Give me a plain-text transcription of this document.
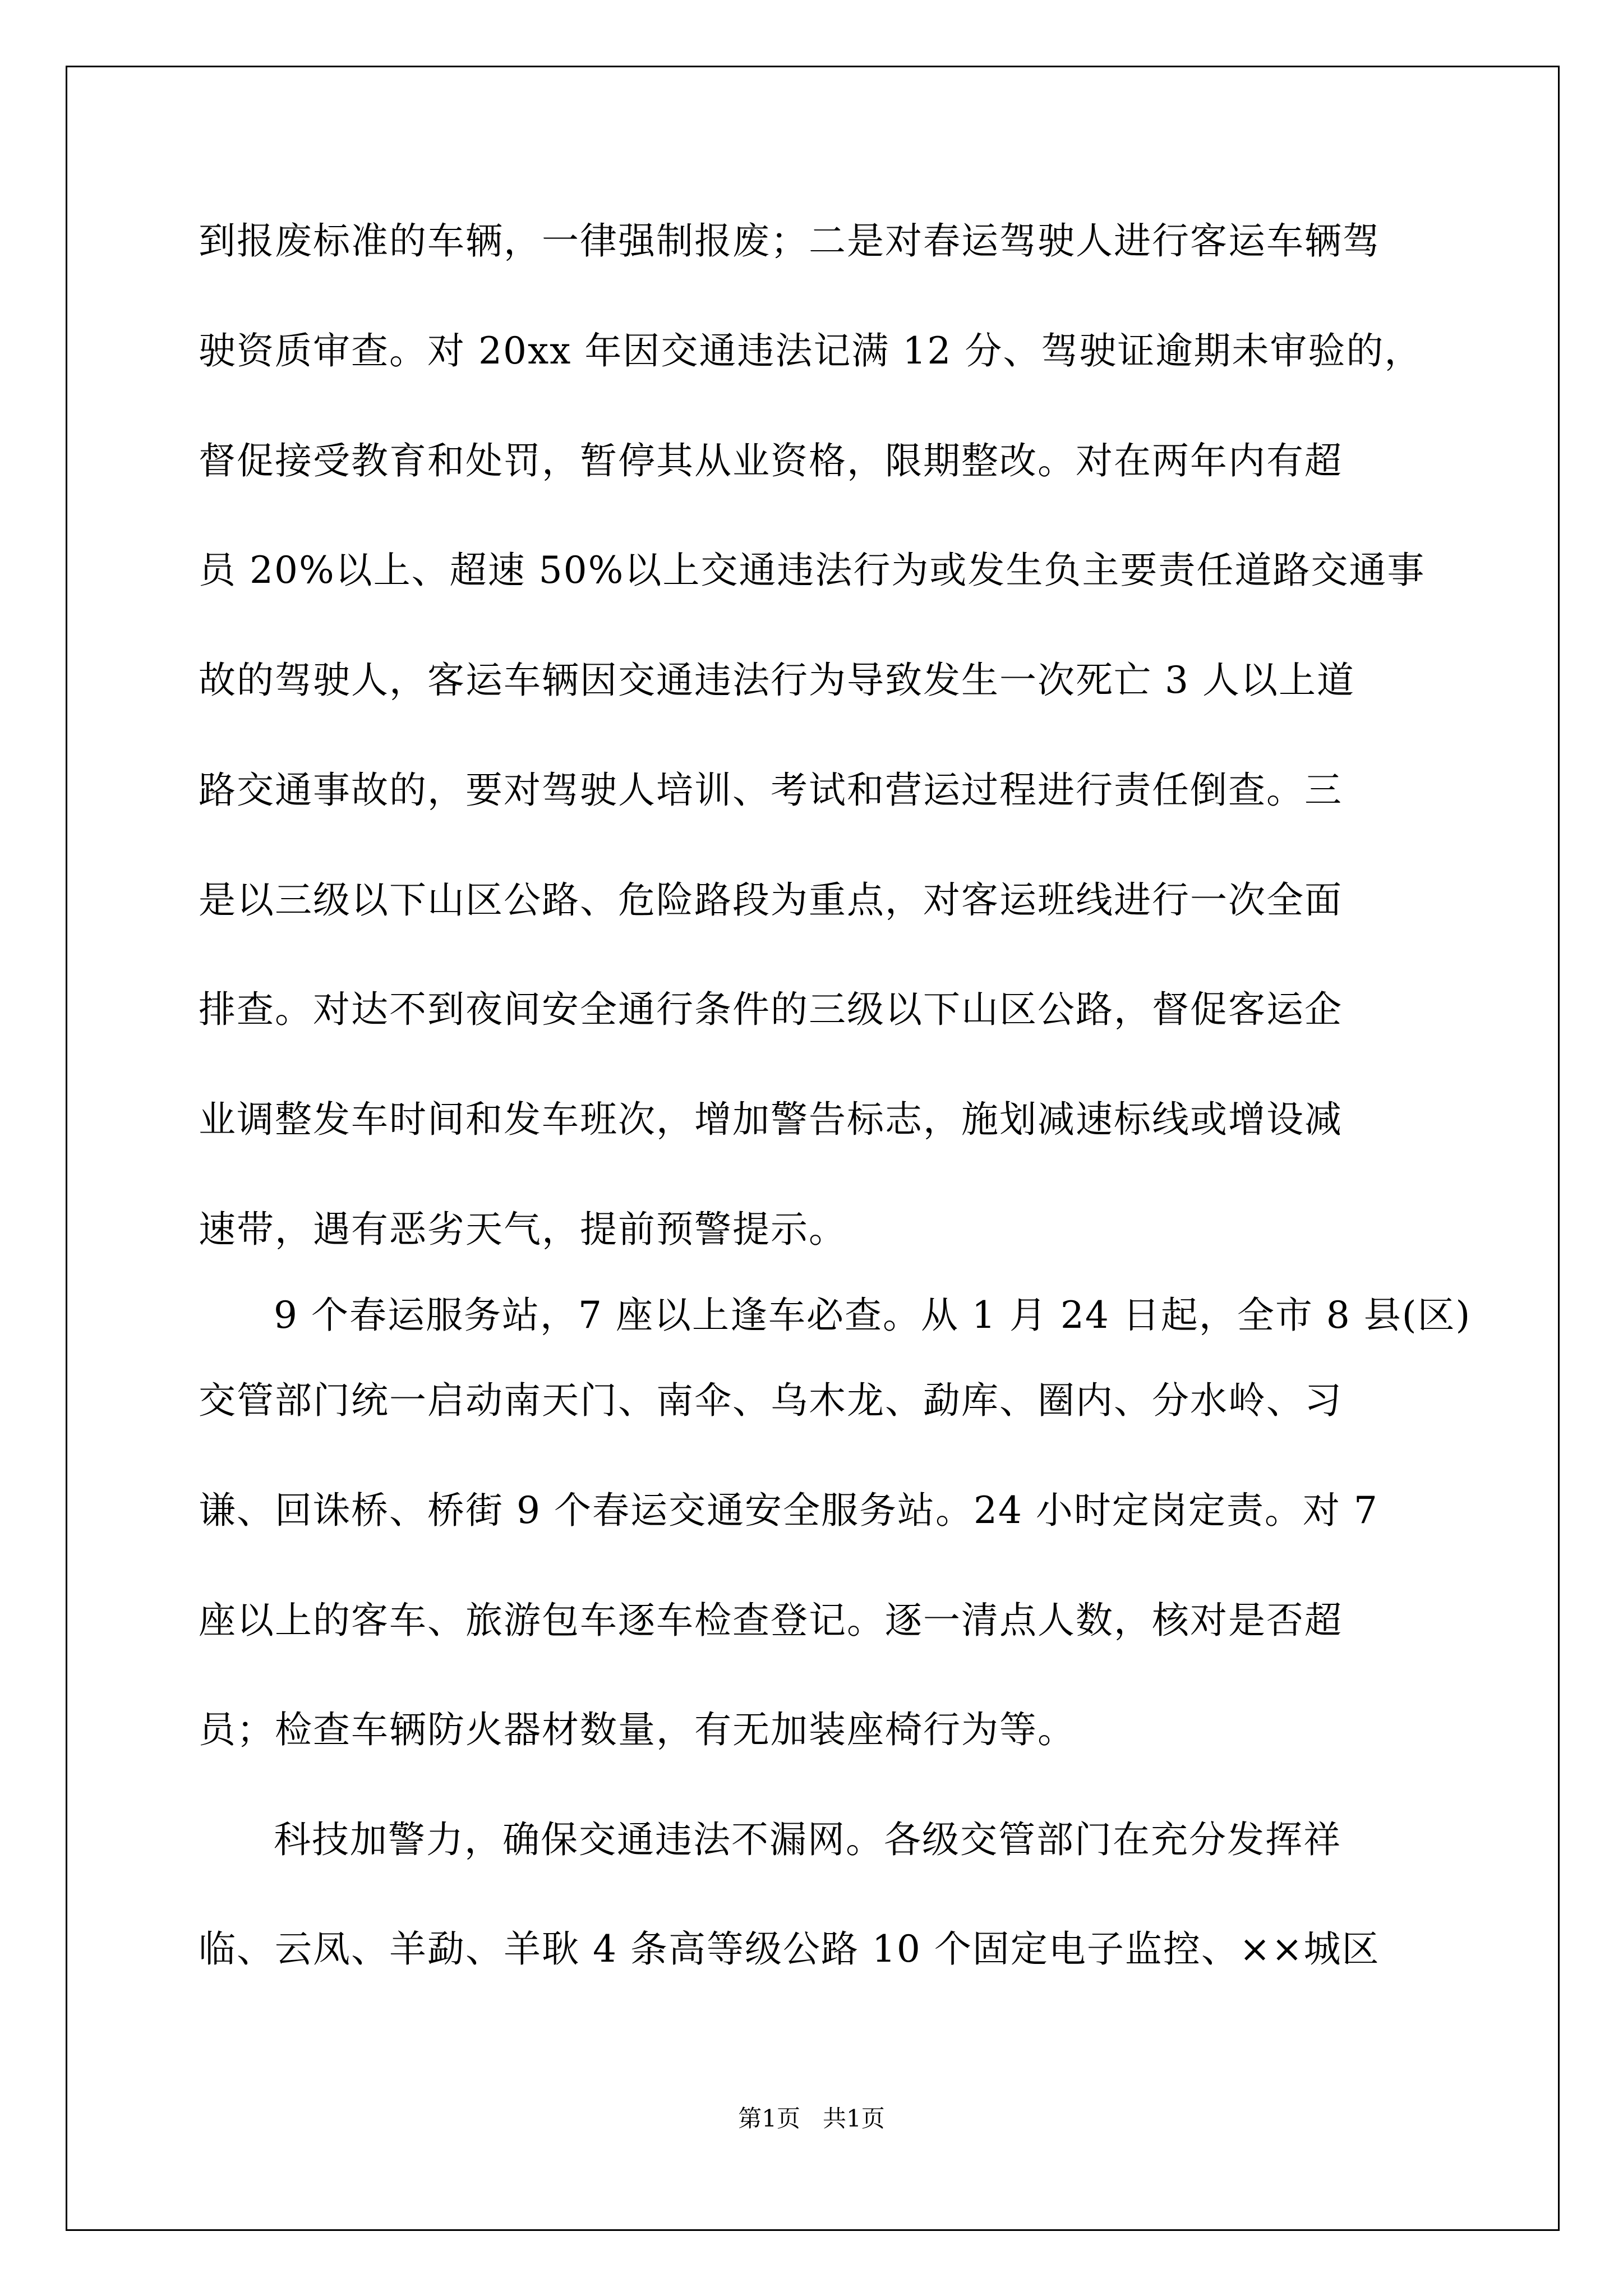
到报废标准的车辆，一律强制报废；二是对春运驾驶人进行客运车辆驾
驶资质审查。对 20xx 年因交通违法记满 12 分、驾驶证逾期未审验的，
督促接受教育和处罚，暂停其从业资格，限期整改。对在两年内有超
员 20%以上、超速 50%以上交通违法行为或发生负主要责任道路交通事
故的驾驶人，客运车辆因交通违法行为导致发生一次死亡 3 人以上道
路交通事故的，要对驾驶人培训、考试和营运过程进行责任倒查。三
是以三级以下山区公路、危险路段为重点，对客运班线进行一次全面
排查。对达不到夜间安全通行条件的三级以下山区公路，督促客运企
业调整发车时间和发车班次，增加警告标志，施划减速标线或增设减
速带，遇有恶劣天气，提前预警提示。
9 个春运服务站，7 座以上逢车必查。从 1 月 24 日起，全市 8 县(区)
交管部门统一启动南天门、南伞、乌木龙、勐库、圈内、分水岭、习
谦、回诛桥、桥街 9 个春运交通安全服务站。24 小时定岗定责。对 7
座以上的客车、旅游包车逐车检查登记。逐一清点人数，核对是否超
员；检查车辆防火器材数量，有无加装座椅行为等。
科技加警力，确保交通违法不漏网。各级交管部门在充分发挥祥
临、云凤、羊勐、羊耿 4 条高等级公路 10 个固定电子监控、××城区
第1页   共1页
